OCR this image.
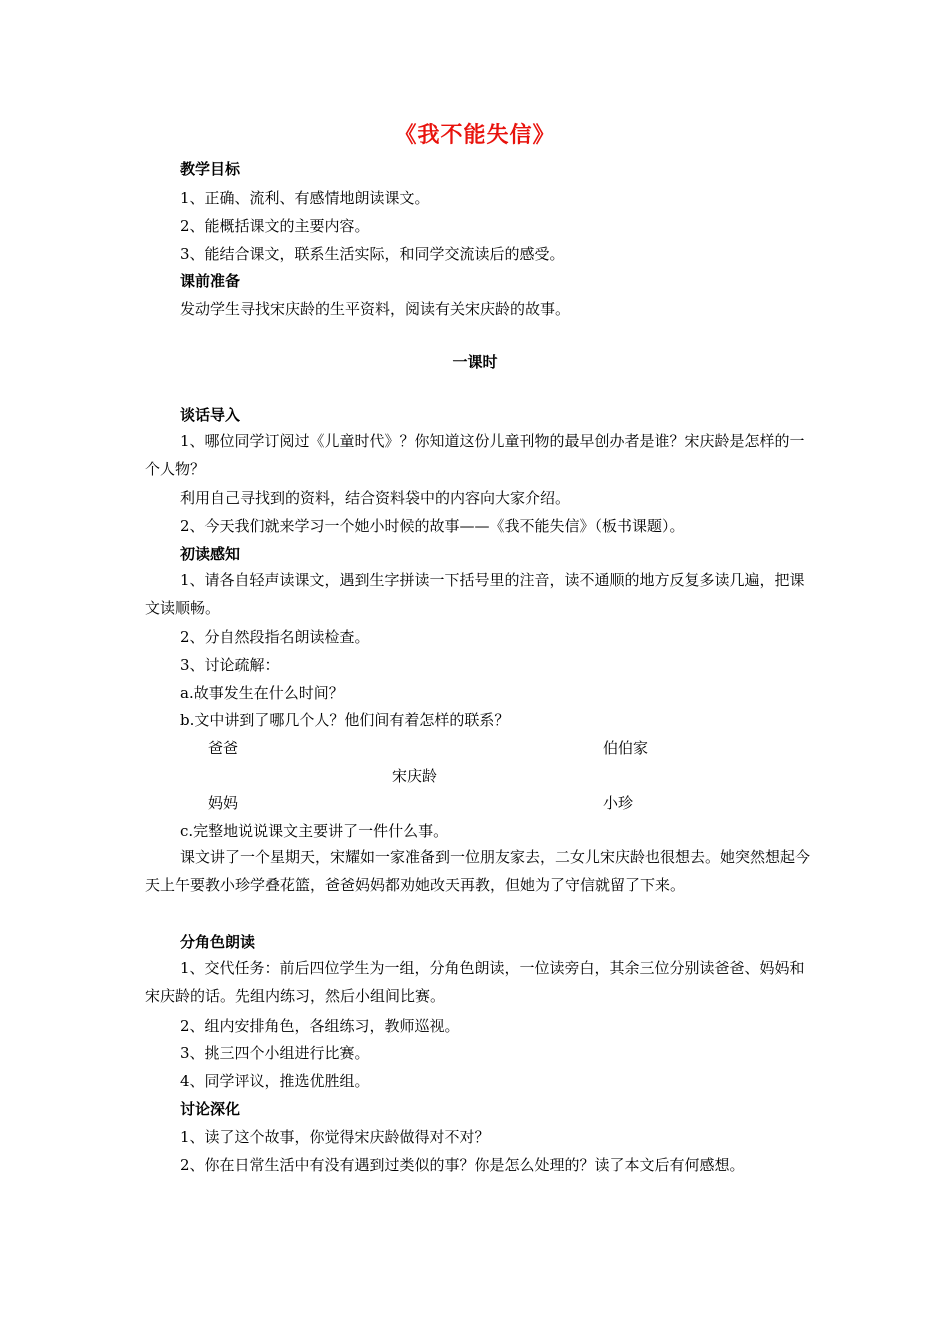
《我不能失信》
教学目标
1、正确、流利、有感情地朗读课文。
2、能概括课文的主要内容。
3、能结合课文，联系生活实际，和同学交流读后的感受。
课前准备
发动学生寻找宋庆龄的生平资料，阅读有关宋庆龄的故事。
一课时
谈话导入
1、哪位同学订阅过《儿童时代》？你知道这份儿童刊物的最早创办者是谁？宋庆龄是怎样的一个人物？
利用自己寻找到的资料，结合资料袋中的内容向大家介绍。
2、今天我们就来学习一个她小时候的故事——《我不能失信》（板书课题）。
初读感知
1、请各自轻声读课文，遇到生字拼读一下括号里的注音，读不通顺的地方反复多读几遍，把课文读顺畅。
2、分自然段指名朗读检查。
3、讨论疏解：
a.故事发生在什么时间？
b.文中讲到了哪几个人？他们间有着怎样的联系？
爸爸	伯伯家
宋庆龄
妈妈	小珍
c.完整地说说课文主要讲了一件什么事。
课文讲了一个星期天，宋耀如一家准备到一位朋友家去，二女儿宋庆龄也很想去。她突然想起今天上午要教小珍学叠花篮，爸爸妈妈都劝她改天再教，但她为了守信就留了下来。
分角色朗读
1、交代任务：前后四位学生为一组，分角色朗读，一位读旁白，其余三位分别读爸爸、妈妈和宋庆龄的话。先组内练习，然后小组间比赛。
2、组内安排角色，各组练习，教师巡视。
3、挑三四个小组进行比赛。
4、同学评议，推选优胜组。
讨论深化
1、读了这个故事，你觉得宋庆龄做得对不对？
2、你在日常生活中有没有遇到过类似的事？你是怎么处理的？读了本文后有何感想。
